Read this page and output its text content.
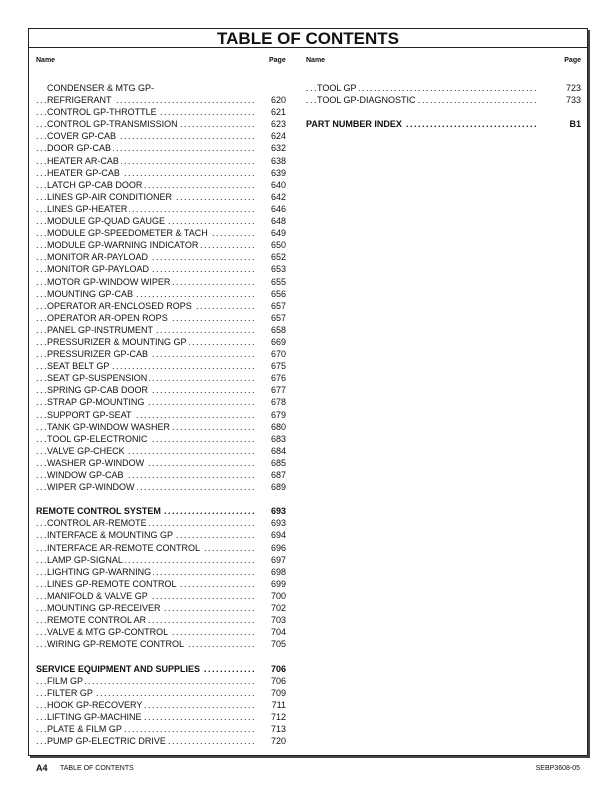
TABLE OF CONTENTS
Name	Page	Name	Page
CONDENSER & MTG GP-
REFRIGERANT . . .	620
CONTROL GP-THROTTLE . . .	621
CONTROL GP-TRANSMISSION . . .	623
COVER GP-CAB . . .	624
DOOR GP-CAB . . .	632
HEATER AR-CAB . . .	638
HEATER GP-CAB . . .	639
LATCH GP-CAB DOOR . . .	640
LINES GP-AIR CONDITIONER . . .	642
LINES GP-HEATER . . .	646
MODULE GP-QUAD GAUGE . . .	648
MODULE GP-SPEEDOMETER & TACH . . .	649
MODULE GP-WARNING INDICATOR . . .	650
MONITOR AR-PAYLOAD . . .	652
MONITOR GP-PAYLOAD . . .	653
MOTOR GP-WINDOW WIPER . . .	655
MOUNTING GP-CAB . . .	656
OPERATOR AR-ENCLOSED ROPS . . .	657
OPERATOR AR-OPEN ROPS . . .	657
PANEL GP-INSTRUMENT . . .	658
PRESSURIZER & MOUNTING GP . . .	669
PRESSURIZER GP-CAB . . .	670
SEAT BELT GP . . .	675
SEAT GP-SUSPENSION . . .	676
SPRING GP-CAB DOOR . . .	677
STRAP GP-MOUNTING . . .	678
SUPPORT GP-SEAT . . .	679
TANK GP-WINDOW WASHER . . .	680
TOOL GP-ELECTRONIC . . .	683
VALVE GP-CHECK . . .	684
WASHER GP-WINDOW . . .	685
WINDOW GP-CAB . . .	687
WIPER GP-WINDOW . . .	689
REMOTE CONTROL SYSTEM . . .	693
CONTROL AR-REMOTE . . .	693
INTERFACE & MOUNTING GP . . .	694
INTERFACE AR-REMOTE CONTROL . . .	696
LAMP GP-SIGNAL . . .	697
LIGHTING GP-WARNING . . .	698
LINES GP-REMOTE CONTROL . . .	699
MANIFOLD & VALVE GP . . .	700
MOUNTING GP-RECEIVER . . .	702
REMOTE CONTROL AR . . .	703
VALVE & MTG GP-CONTROL . . .	704
WIRING GP-REMOTE CONTROL . . .	705
SERVICE EQUIPMENT AND SUPPLIES . . .	706
FILM GP . . .	706
FILTER GP . . .	709
HOOK GP-RECOVERY . . .	711
LIFTING GP-MACHINE . . .	712
PLATE & FILM GP . . .	713
PUMP GP-ELECTRIC DRIVE . . .	720
TOOL GP . . .	723
TOOL GP-DIAGNOSTIC . . .	733
PART NUMBER INDEX . . .	B1
A4 TABLE OF CONTENTS	SEBP3608-05
